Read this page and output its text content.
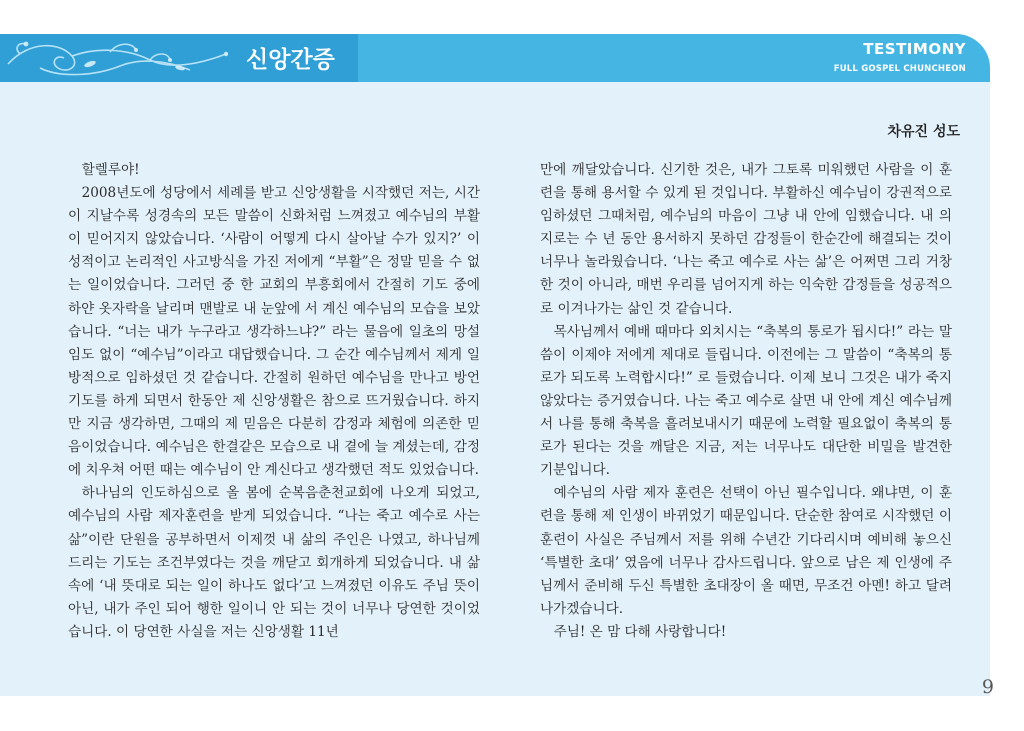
신앙간증	TESTIMONY
FULL GOSPEL CHUNCHEON
차유진 성도

할렐루야!

2008년도에 성당에서 세례를 받고 신앙생활을 시작했던 저는, 시간이 지날수록 성경속의 모든 말씀이 신화처럼 느껴졌고 예수님의 부활이 믿어지지 않았습니다. ‘사람이 어떻게 다시 살아날 수가 있지?’ 이성적이고 논리적인 사고방식을 가진 저에게 “부활”은 정말 믿을 수 없는 일이었습니다. 그러던 중 한 교회의 부흥회에서 간절히 기도 중에 하얀 옷자락을 날리며 맨발로 내 눈앞에 서 계신 예수님의 모습을 보았습니다. “너는 내가 누구라고 생각하느냐?” 라는 물음에 일초의 망설임도 없이 “예수님”이라고 대답했습니다. 그 순간 예수님께서 제게 일방적으로 임하셨던 것 같습니다. 간절히 원하던 예수님을 만나고 방언기도를 하게 되면서 한동안 제 신앙생활은 참으로 뜨거웠습니다. 하지만 지금 생각하면, 그때의 제 믿음은 다분히 감정과 체험에 의존한 믿음이었습니다. 예수님은 한결같은 모습으로 내 곁에 늘 계셨는데, 감정에 치우쳐 어떤 때는 예수님이 안 계신다고 생각했던 적도 있었습니다.

하나님의 인도하심으로 올 봄에 순복음춘천교회에 나오게 되었고, 예수님의 사람 제자훈련을 받게 되었습니다. “나는 죽고 예수로 사는 삶”이란 단원을 공부하면서 이제껏 내 삶의 주인은 나였고, 하나님께 드리는 기도는 조건부였다는 것을 깨닫고 회개하게 되었습니다. 내 삶 속에 ‘내 뜻대로 되는 일이 하나도 없다’고 느껴졌던 이유도 주님 뜻이 아닌, 내가 주인 되어 행한 일이니 안 되는 것이 너무나 당연한 것이었습니다. 이 당연한 사실을 저는 신앙생활 11년

만에 깨달았습니다. 신기한 것은, 내가 그토록 미워했던 사람을 이 훈련을 통해 용서할 수 있게 된 것입니다. 부활하신 예수님이 강권적으로 임하셨던 그때처럼, 예수님의 마음이 그냥 내 안에 임했습니다. 내 의지로는 수 년 동안 용서하지 못하던 감정들이 한순간에 해결되는 것이 너무나 놀라웠습니다. ‘나는 죽고 예수로 사는 삶’은 어쩌면 그리 거창한 것이 아니라, 매번 우리를 넘어지게 하는 익숙한 감정들을 성공적으로 이겨나가는 삶인 것 같습니다.

목사님께서 예배 때마다 외치시는 “축복의 통로가 됩시다!” 라는 말씀이 이제야 저에게 제대로 들립니다. 이전에는 그 말씀이 “축복의 통로가 되도록 노력합시다!” 로 들렸습니다. 이제 보니 그것은 내가 죽지 않았다는 증거였습니다. 나는 죽고 예수로 살면 내 안에 계신 예수님께서 나를 통해 축복을 흘려보내시기 때문에 노력할 필요없이 축복의 통로가 된다는 것을 깨달은 지금, 저는 너무나도 대단한 비밀을 발견한 기분입니다.

예수님의 사람 제자 훈련은 선택이 아닌 필수입니다. 왜냐면, 이 훈련을 통해 제 인생이 바뀌었기 때문입니다. 단순한 참여로 시작했던 이 훈련이 사실은 주님께서 저를 위해 수년간 기다리시며 예비해 놓으신 ‘특별한 초대’ 였음에 너무나 감사드립니다. 앞으로 남은 제 인생에 주님께서 준비해 두신 특별한 초대장이 올 때면, 무조건 아멘! 하고 달려 나가겠습니다.

주님! 온 맘 다해 사랑합니다!

9
